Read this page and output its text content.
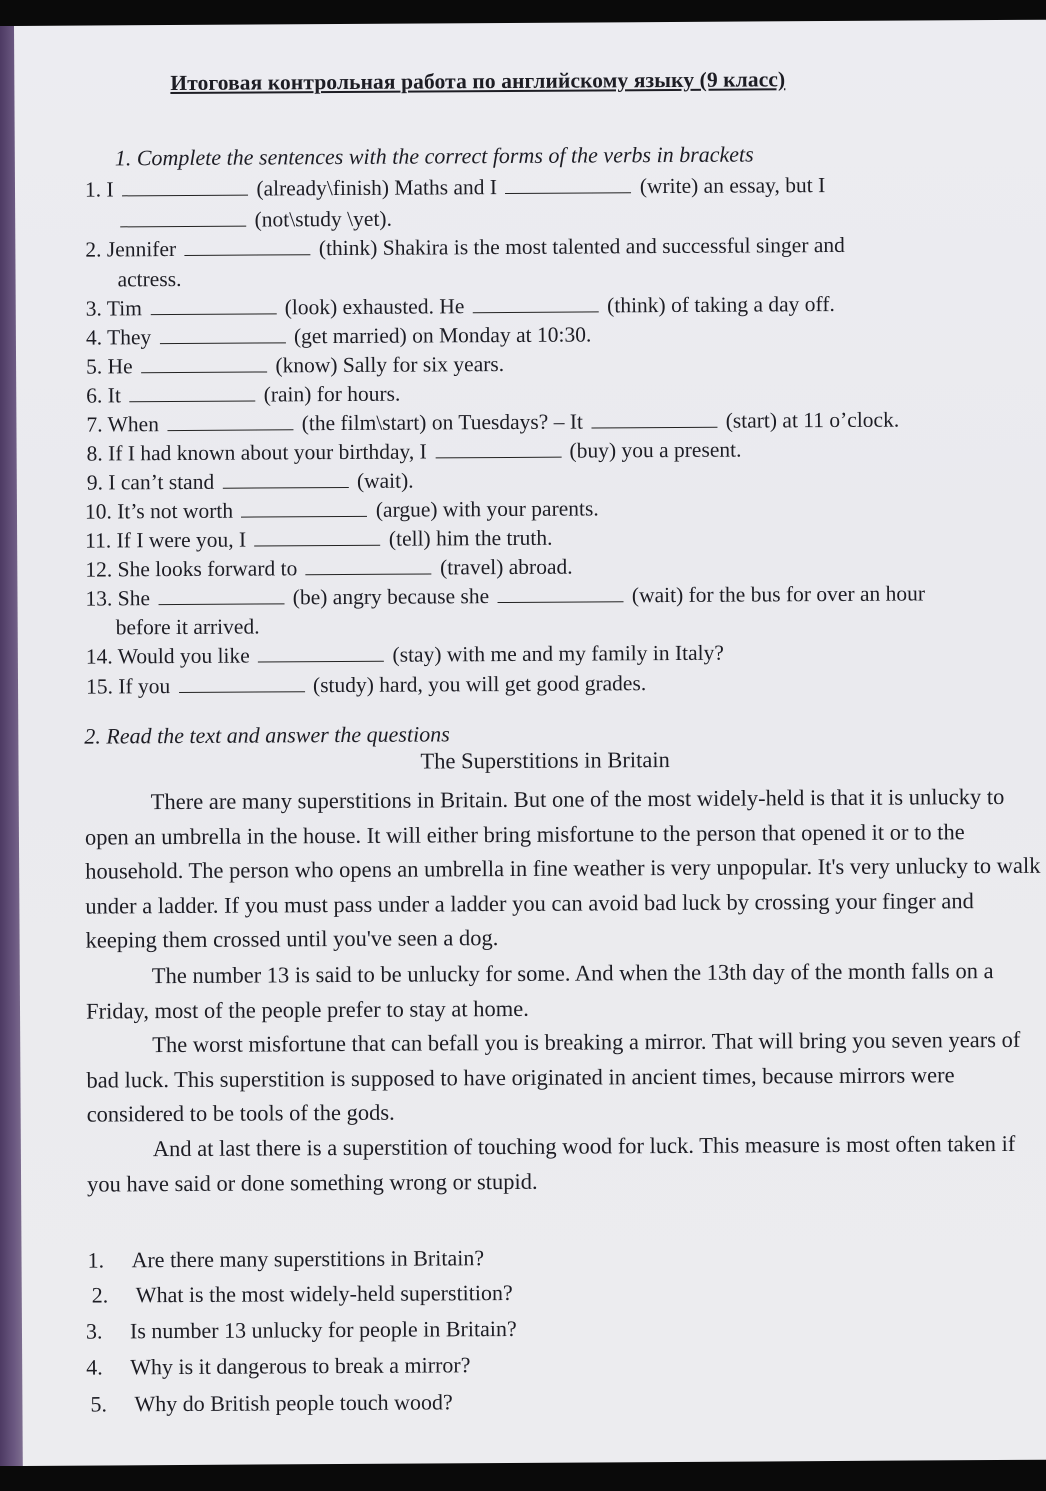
Итоговая контрольная работа по английскому языку (9 класс)
1. Complete the sentences with the correct forms of the verbs in brackets
1. I	(already\finish) Maths and I	(write) an essay, but I
(not\study \yet).
2. Jennifer	(think) Shakira is the most talented and successful singer and
actress.
3. Tim	(look) exhausted. He	(think) of taking a day off.
4. They	(get married) on Monday at 10:30.
5. He	(know) Sally for six years.
6. It	(rain) for hours.
7. When	(the film\start) on Tuesdays? – It	(start) at 11 o’clock.
8. If I had known about your birthday, I	(buy) you a present.
9. I can’t stand	(wait).
10. It’s not worth	(argue) with your parents.
11. If I were you, I	(tell) him the truth.
12. She looks forward to	(travel) abroad.
13. She	(be) angry because she	(wait) for the bus for over an hour
before it arrived.
14. Would you like	(stay) with me and my family in Italy?
15. If you	(study) hard, you will get good grades.
2. Read the text and answer the questions
The Superstitions in Britain
There are many superstitions in Britain. But one of the most widely-held is that it is unlucky to open an umbrella in the house. It will either bring misfortune to the person that opened it or to the household. The person who opens an umbrella in fine weather is very unpopular. It's very unlucky to walk under a ladder. If you must pass under a ladder you can avoid bad luck by crossing your finger and keeping them crossed until you've seen a dog.
The number 13 is said to be unlucky for some. And when the 13th day of the month falls on a Friday, most of the people prefer to stay at home.
The worst misfortune that can befall you is breaking a mirror. That will bring you seven years of bad luck. This superstition is supposed to have originated in ancient times, because mirrors were considered to be tools of the gods.
And at last there is a superstition of touching wood for luck. This measure is most often taken if you have said or done something wrong or stupid.
1. Are there many superstitions in Britain?
2. What is the most widely-held superstition?
3. Is number 13 unlucky for people in Britain?
4. Why is it dangerous to break a mirror?
5. Why do British people touch wood?
